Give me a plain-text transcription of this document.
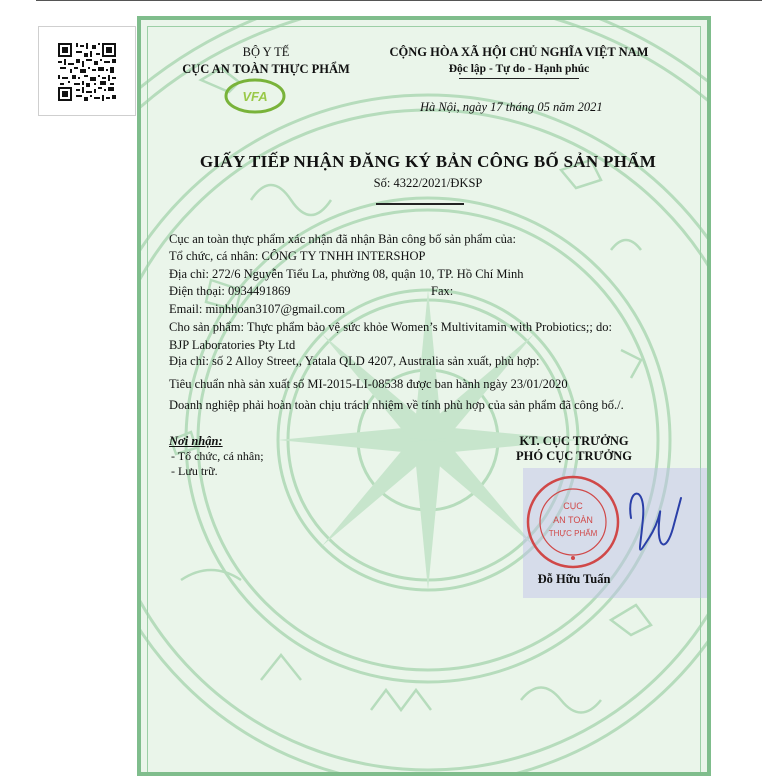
BỘ Y TẾ
CỤC AN TOÀN THỰC PHẨM
VFA
CỘNG HÒA XÃ HỘI CHỦ NGHĨA VIỆT NAM
Độc lập - Tự do - Hạnh phúc
Hà Nội, ngày 17 tháng 05 năm 2021
GIẤY TIẾP NHẬN ĐĂNG KÝ BẢN CÔNG BỐ SẢN PHẨM
Số: 4322/2021/ĐKSP
Cục an toàn thực phẩm xác nhận đã nhận Bản công bố sản phẩm của:
Tổ chức, cá nhân: CÔNG TY TNHH INTERSHOP
Địa chỉ: 272/6 Nguyễn Tiểu La, phường 08, quận 10, TP. Hồ Chí Minh
Điện thoại: 0934491869	Fax:
Email: minhhoan3107@gmail.com
Cho sản phẩm: Thực phẩm bảo vệ sức khỏe Women’s Multivitamin with Probiotics;; do:
BJP Laboratories Pty Ltd
Địa chỉ: số 2 Alloy Street,, Yatala QLD 4207, Australia sản xuất, phù hợp:
Tiêu chuẩn nhà sản xuất số MI-2015-LI-08538 được ban hành ngày 23/01/2020
Doanh nghiệp phải hoàn toàn chịu trách nhiệm về tính phù hợp của sản phẩm đã công bố./.
Nơi nhận:
- Tổ chức, cá nhân;
- Lưu trữ.
KT. CỤC TRƯỞNG
PHÓ CỤC TRƯỞNG
CỤC
AN TOÀN
THỰC PHẨM
Đỗ Hữu Tuấn
